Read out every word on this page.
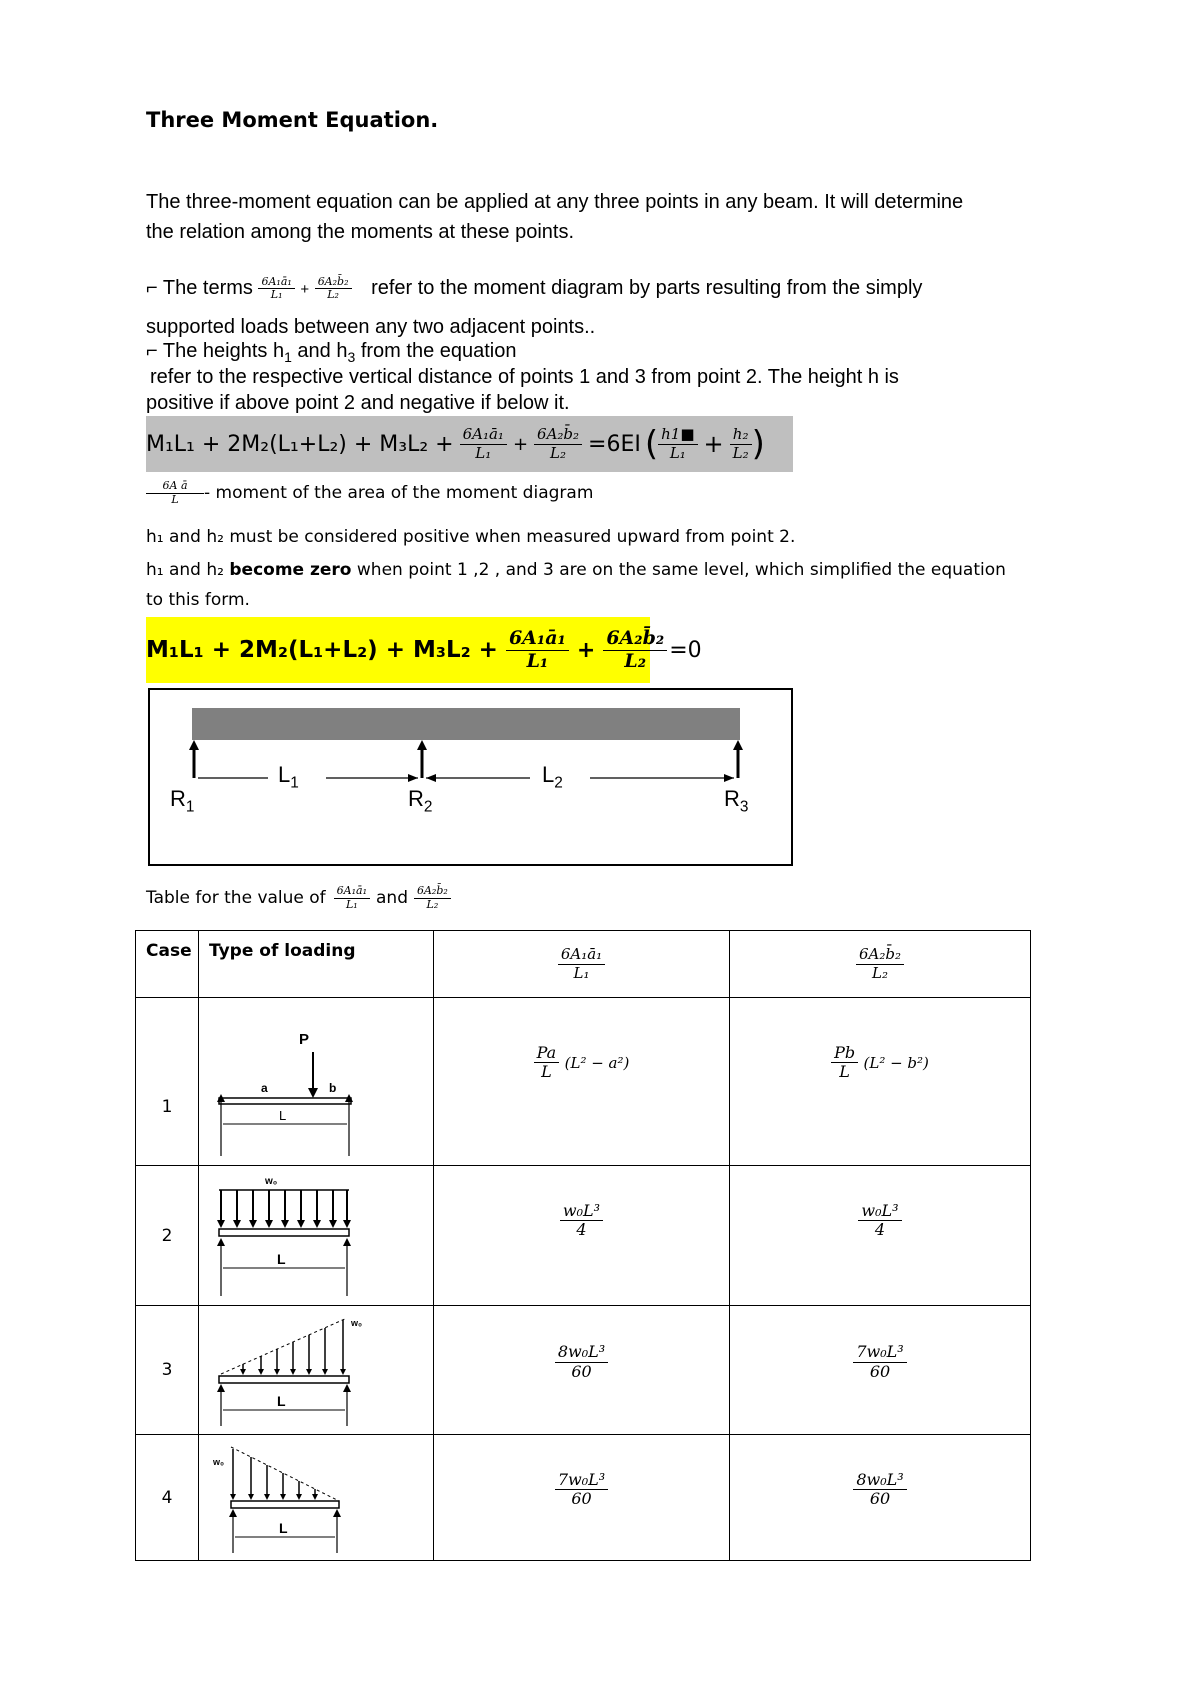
Three Moment Equation.
The three-moment equation can be applied at any three points in any beam. It will determine
the relation among the moments at these points.
⌐ The terms $\frac{\text{6A₁ā₁}}{\text{L₁}} + \frac{\text{6A₂b̄₂}}{\text{L₂}}$ refer to the moment diagram by parts resulting from the simply
supported loads between any two adjacent points..
⌐ The heights $h_1$ and $h_3$ from the equation
refer to the respective vertical distance of points 1 and 3 from point 2. The height h is
positive if above point 2 and negative if below it.
$M_1L_1 + 2M_2(L_1+L_2) + M_3L_2 + \frac{\text{6A₁ā₁}}{\text{L₁}} + \frac{\text{6A₂b̄₂}}{\text{L₂}} =6EI$ ( $\frac{h1■}{\text{L₁}} + \frac{\text{h₂}}{\text{L₂}}$ )
$\frac{\text{6A ā}}{L}$ - moment of the area of the moment diagram
h₁ and h₂ must be considered positive when measured upward from point 2.
h₁ and h₂ become zero when point 1 ,2 , and 3 are on the same level, which simplified the equation
to this form.
$M_1L_1 + 2M_2(L_1+L_2) + M_3L_2 + \frac{\text{6A₁ā₁}}{\text{L₁}} + \frac{\text{6A₂b̄₂}}{\text{L₂}} =0$
$L_1$	$L_2$
$R_1$	$R_2$	$R_3$
Table for the value of $\frac{\text{6A₁ā₁}}{\text{L₁}}$ and $\frac{\text{6A₂b̄₂}}{\text{L₂}}$
Case	Type of loading	$\frac{\text{6A₁ā₁}}{\text{L₁}}$	$\frac{\text{6A₂b̄₂}}{\text{L₂}}$

1	P
a b
L	$\frac{Pa}{L} (L^2 - a^2)$	$\frac{Pb}{L} (L^2 - b^2)$
2	w₀
L	$\frac{\text{w₀L³}}{4}$	$\frac{\text{w₀L³}}{4}$

3	w₀
L	$\frac{\text{8w₀L³}}{60}$	$\frac{\text{7w₀L³}}{60}$

4	w₀
L	$\frac{\text{7w₀L³}}{60}$	$\frac{\text{8w₀L³}}{60}$
